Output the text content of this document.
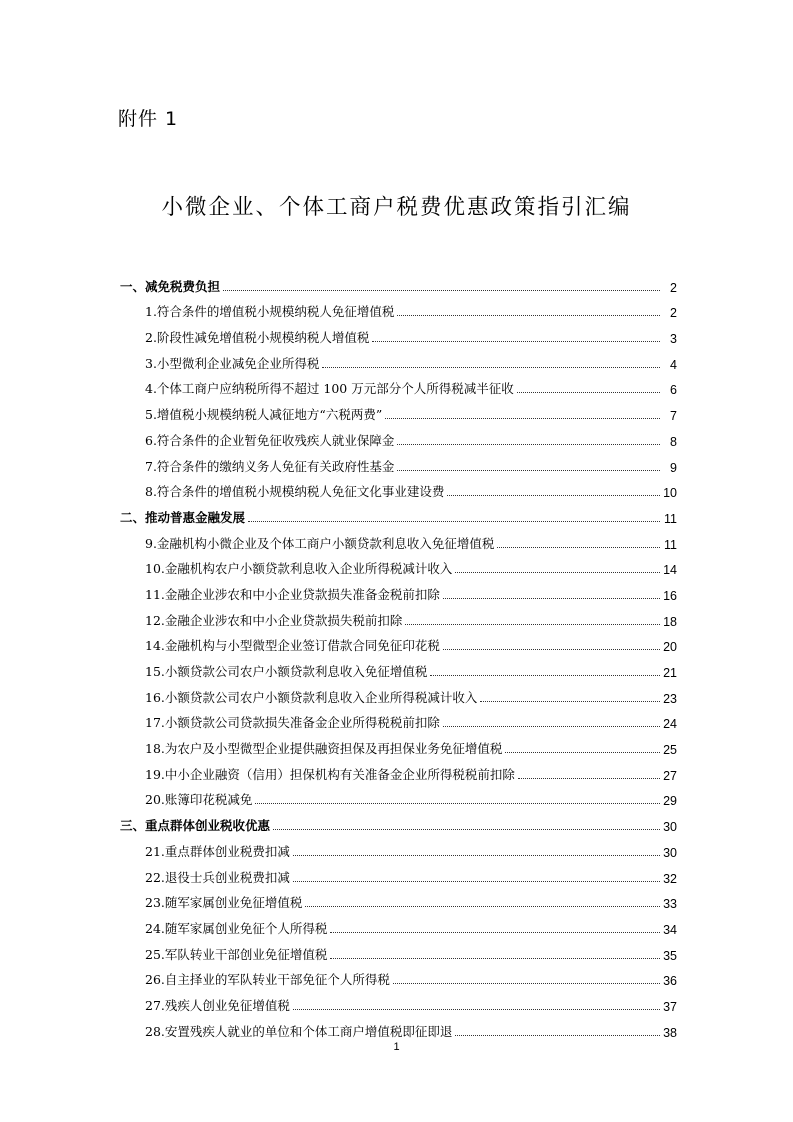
附件 1
小微企业、个体工商户税费优惠政策指引汇编
一、减免税费负担	2
1.符合条件的增值税小规模纳税人免征增值税	2
2.阶段性减免增值税小规模纳税人增值税	3
3.小型微利企业减免企业所得税	4
4.个体工商户应纳税所得不超过 100 万元部分个人所得税减半征收	6
5.增值税小规模纳税人减征地方“六税两费”	7
6.符合条件的企业暂免征收残疾人就业保障金	8
7.符合条件的缴纳义务人免征有关政府性基金	9
8.符合条件的增值税小规模纳税人免征文化事业建设费	10
二、推动普惠金融发展	11
9.金融机构小微企业及个体工商户小额贷款利息收入免征增值税	11
10.金融机构农户小额贷款利息收入企业所得税减计收入	14
11.金融企业涉农和中小企业贷款损失准备金税前扣除	16
12.金融企业涉农和中小企业贷款损失税前扣除	18
14.金融机构与小型微型企业签订借款合同免征印花税	20
15.小额贷款公司农户小额贷款利息收入免征增值税	21
16.小额贷款公司农户小额贷款利息收入企业所得税减计收入	23
17.小额贷款公司贷款损失准备金企业所得税税前扣除	24
18.为农户及小型微型企业提供融资担保及再担保业务免征增值税	25
19.中小企业融资（信用）担保机构有关准备金企业所得税税前扣除	27
20.账簿印花税减免	29
三、重点群体创业税收优惠	30
21.重点群体创业税费扣减	30
22.退役士兵创业税费扣减	32
23.随军家属创业免征增值税	33
24.随军家属创业免征个人所得税	34
25.军队转业干部创业免征增值税	35
26.自主择业的军队转业干部免征个人所得税	36
27.残疾人创业免征增值税	37
28.安置残疾人就业的单位和个体工商户增值税即征即退	38
1
